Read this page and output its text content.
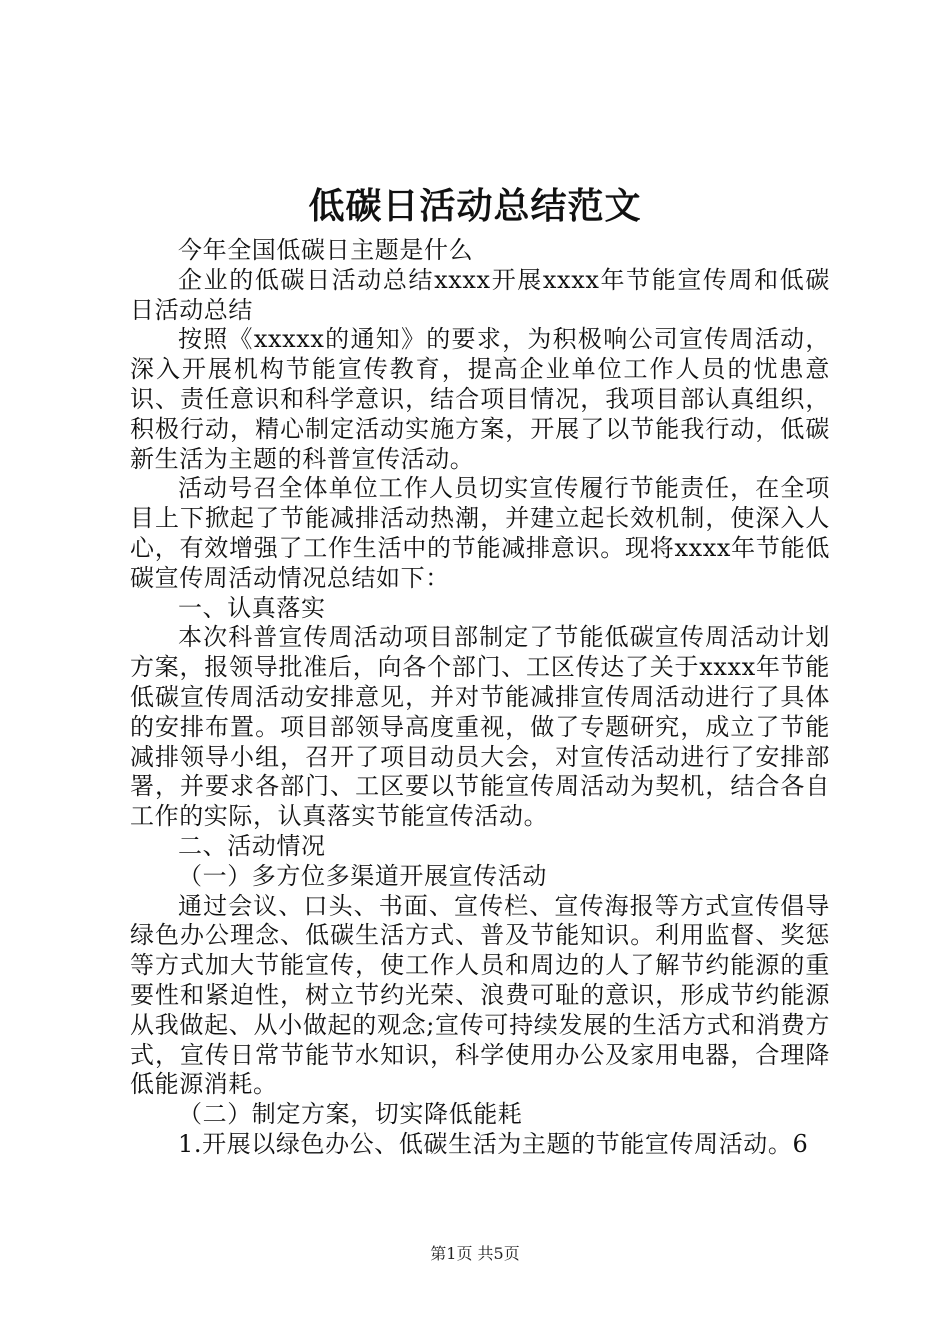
低碳日活动总结范文

今年全国低碳日主题是什么

企业的低碳日活动总结xxxx开展xxxx年节能宣传周和低碳日活动总结

按照《xxxxx的通知》的要求，为积极响公司宣传周活动，深入开展机构节能宣传教育，提高企业单位工作人员的忧患意识、责任意识和科学意识，结合项目情况，我项目部认真组织，积极行动，精心制定活动实施方案，开展了以节能我行动，低碳新生活为主题的科普宣传活动。

活动号召全体单位工作人员切实宣传履行节能责任，在全项目上下掀起了节能减排活动热潮，并建立起长效机制，使深入人心，有效增强了工作生活中的节能减排意识。现将xxxx年节能低碳宣传周活动情况总结如下：

一、认真落实

本次科普宣传周活动项目部制定了节能低碳宣传周活动计划方案，报领导批准后，向各个部门、工区传达了关于xxxx年节能低碳宣传周活动安排意见，并对节能减排宣传周活动进行了具体的安排布置。项目部领导高度重视，做了专题研究，成立了节能减排领导小组，召开了项目动员大会，对宣传活动进行了安排部署，并要求各部门、工区要以节能宣传周活动为契机，结合各自工作的实际，认真落实节能宣传活动。

二、活动情况

（一）多方位多渠道开展宣传活动

通过会议、口头、书面、宣传栏、宣传海报等方式宣传倡导绿色办公理念、低碳生活方式、普及节能知识。利用监督、奖惩等方式加大节能宣传，使工作人员和周边的人了解节约能源的重要性和紧迫性，树立节约光荣、浪费可耻的意识，形成节约能源从我做起、从小做起的观念;宣传可持续发展的生活方式和消费方式，宣传日常节能节水知识，科学使用办公及家用电器，合理降低能源消耗。

（二）制定方案，切实降低能耗

1.开展以绿色办公、低碳生活为主题的节能宣传周活动。6

第1页 共5页
